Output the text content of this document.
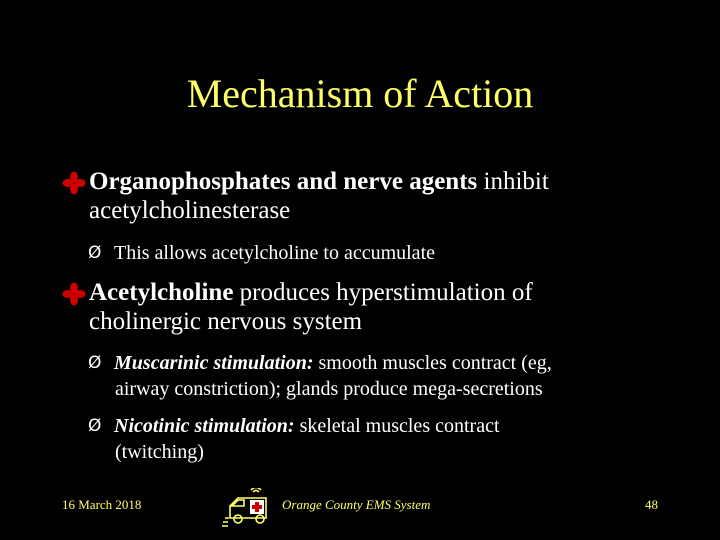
Mechanism of Action
Organophosphates and nerve agents inhibit
acetylcholinesterase
Ø This allows acetylcholine to accumulate
Acetylcholine produces hyperstimulation of
cholinergic nervous system
Ø Muscarinic stimulation: smooth muscles contract (eg,
airway constriction); glands produce mega-secretions
Ø Nicotinic stimulation: skeletal muscles contract
(twitching)
16 March 2018	Orange County EMS System	48
